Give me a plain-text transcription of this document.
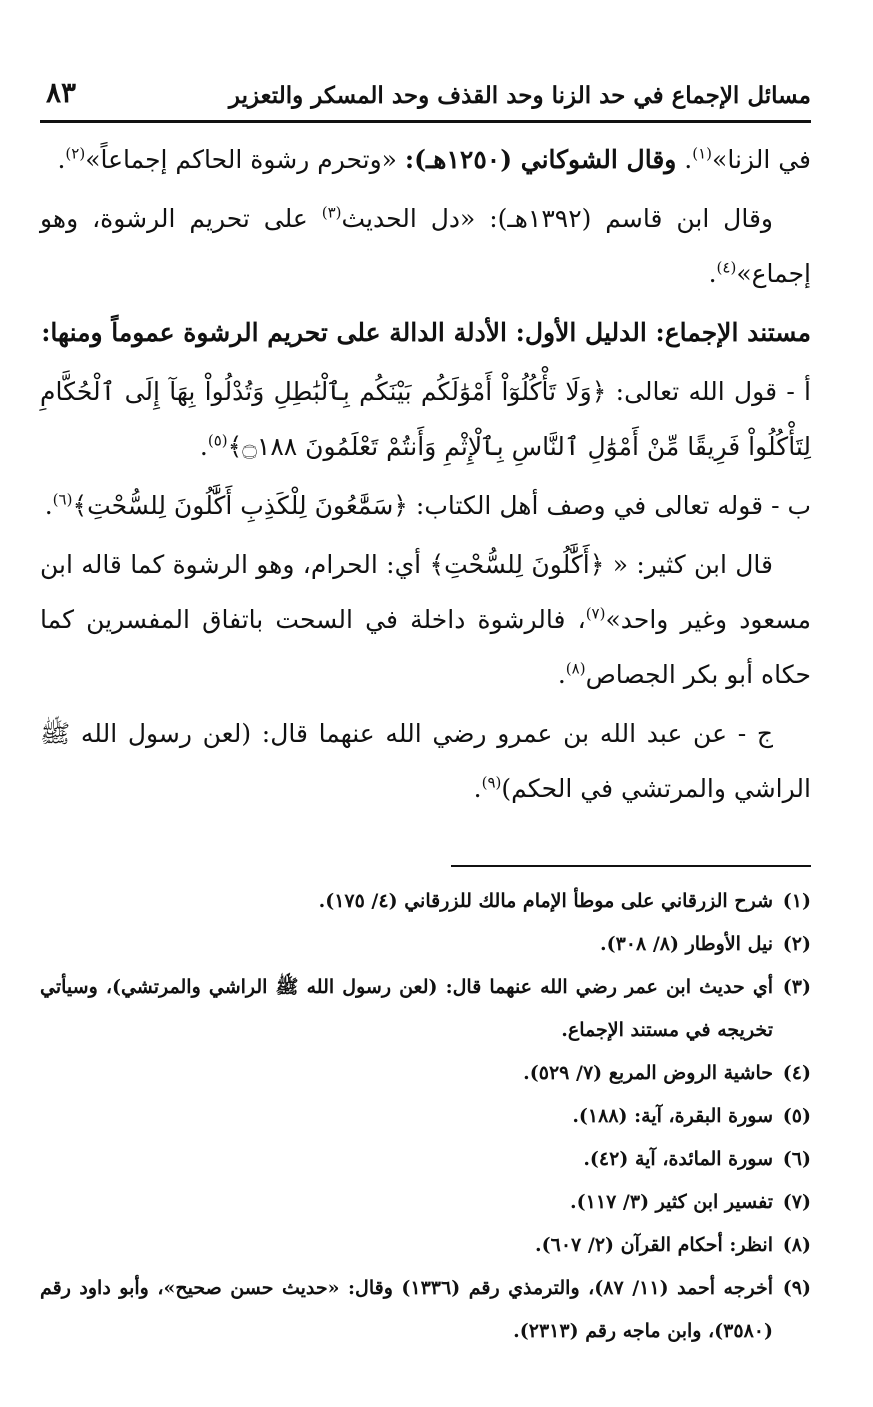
مسائل الإجماع في حد الزنا وحد القذف وحد المسكر والتعزير
٨٣

في الزنا»$^{(١)}$. وقال الشوكاني (١٢٥٠هـ): «وتحرم رشوة الحاكم إجماعاً»$^{(٢)}$.

وقال ابن قاسم (١٣٩٢هـ): «دل الحديث$^{(٣)}$ على تحريم الرشوة، وهو إجماع»$^{(٤)}$.

مستند الإجماع: الدليل الأول: الأدلة الدالة على تحريم الرشوة عموماً ومنها:

أ - قول الله تعالى: ﴿وَلَا تَأْكُلُوٓاْ أَمْوَٰلَكُم بَيْنَكُم بِٱلْبَٰطِلِ وَتُدْلُواْ بِهَآ إِلَى ٱلْحُكَّامِ لِتَأْكُلُواْ فَرِيقًا مِّنْ أَمْوَٰلِ ٱلنَّاسِ بِٱلْإِثْمِ وَأَنتُمْ تَعْلَمُونَ ۝١٨٨﴾$^{(٥)}$.

ب - قوله تعالى في وصف أهل الكتاب: ﴿سَمَّٰعُونَ لِلْكَذِبِ أَكَّٰلُونَ لِلسُّحْتِ﴾$^{(٦)}$.

قال ابن كثير: « ﴿أَكَّٰلُونَ لِلسُّحْتِ﴾ أي: الحرام، وهو الرشوة كما قاله ابن مسعود وغير واحد»$^{(٧)}$، فالرشوة داخلة في السحت باتفاق المفسرين كما حكاه أبو بكر الجصاص$^{(٨)}$.

ج - عن عبد الله بن عمرو رضي الله عنهما قال: (لعن رسول الله ﷺ الراشي والمرتشي في الحكم)$^{(٩)}$.

(١)
شرح الزرقاني على موطأ الإمام مالك للزرقاني (٤/ ١٧٥).
(٢)
نيل الأوطار (٨/ ٣٠٨).
(٣)
أي حديث ابن عمر رضي الله عنهما قال: (لعن رسول الله ﷺ الراشي والمرتشي)، وسيأتي تخريجه في مستند الإجماع.
(٤)
حاشية الروض المربع (٧/ ٥٢٩).
(٥)
سورة البقرة، آية: (١٨٨).
(٦)
سورة المائدة، آية (٤٢).
(٧)
تفسير ابن كثير (٣/ ١١٧).
(٨)
انظر: أحكام القرآن (٢/ ٦٠٧).
(٩)
أخرجه أحمد (١١/ ٨٧)، والترمذي رقم (١٣٣٦) وقال: «حديث حسن صحيح»، وأبو داود رقم (٣٥٨٠)، وابن ماجه رقم (٢٣١٣).
